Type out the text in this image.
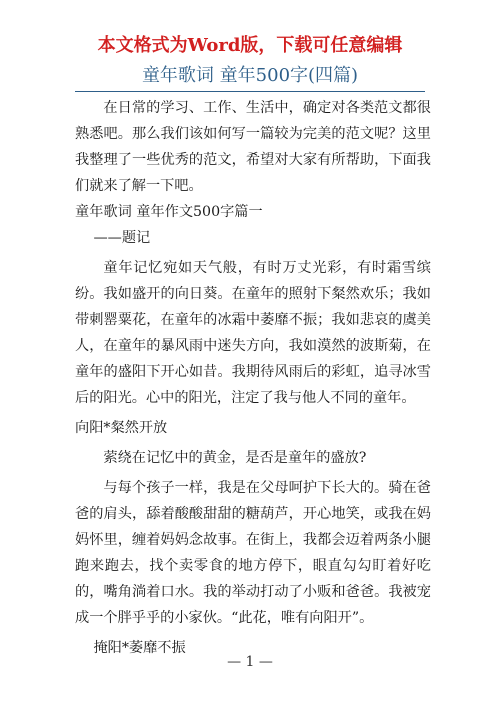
本文格式为Word版，下载可任意编辑
童年歌词 童年500字(四篇)

在日常的学习、工作、生活中，确定对各类范文都很熟悉吧。那么我们该如何写一篇较为完美的范文呢？这里我整理了一些优秀的范文，希望对大家有所帮助，下面我们就来了解一下吧。

童年歌词 童年作文500字篇一

——题记

童年记忆宛如天气般，有时万丈光彩，有时霜雪缤纷。我如盛开的向日葵。在童年的照射下粲然欢乐；我如带刺罂粟花，在童年的冰霜中萎靡不振；我如悲哀的虞美人，在童年的暴风雨中迷失方向，我如漠然的波斯菊，在童年的盛阳下开心如昔。我期待风雨后的彩虹，追寻冰雪后的阳光。心中的阳光，注定了我与他人不同的童年。

向阳*粲然开放

萦绕在记忆中的黄金，是否是童年的盛放?

与每个孩子一样，我是在父母呵护下长大的。骑在爸爸的肩头，舔着酸酸甜甜的糖葫芦，开心地笑，或我在妈妈怀里，缠着妈妈念故事。在街上，我都会迈着两条小腿跑来跑去，找个卖零食的地方停下，眼直勾勾盯着好吃的，嘴角淌着口水。我的举动打动了小贩和爸爸。我被宠成一个胖乎乎的小家伙。“此花，唯有向阳开”。

掩阳*萎靡不振

— 1 —
